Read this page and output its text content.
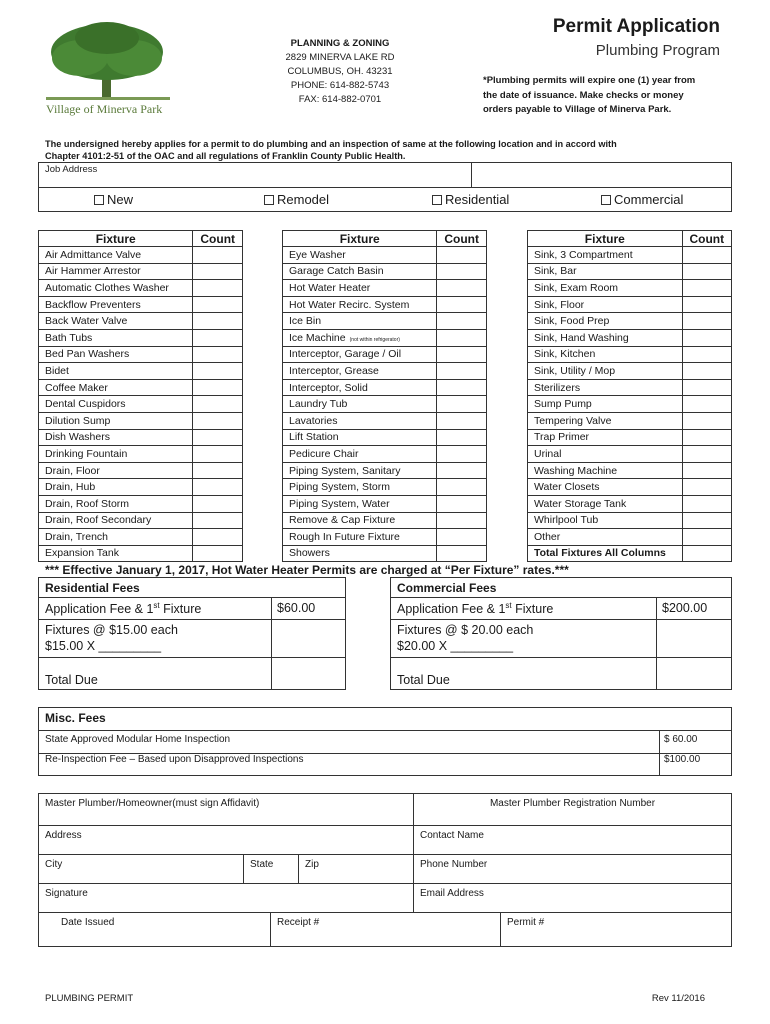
Village of Minerva Park
PLANNING & ZONING
2829 MINERVA LAKE RD
COLUMBUS, OH. 43231
PHONE: 614-882-5743
FAX: 614-882-0701
Permit Application
Plumbing Program
*Plumbing permits will expire one (1) year from
the date of issuance. Make checks or money
orders payable to Village of Minerva Park.
The undersigned hereby applies for a permit to do plumbing and an inspection of same at the following location and in accord with
Chapter 4101:2-51 of the OAC and all regulations of Franklin County Public Health.
Job Address
New	Remodel	Residential	Commercial
Fixture	Count
Air Admittance Valve	
Air Hammer Arrestor	
Automatic Clothes Washer	
Backflow Preventers	
Back Water Valve	
Bath Tubs	
Bed Pan Washers	
Bidet	
Coffee Maker	
Dental Cuspidors	
Dilution Sump	
Dish Washers	
Drinking Fountain	
Drain, Floor	
Drain, Hub	
Drain, Roof Storm	
Drain, Roof Secondary	
Drain, Trench	
Expansion Tank	
Fixture	Count
Eye Washer	
Garage Catch Basin	
Hot Water Heater	
Hot Water Recirc. System	
Ice Bin	
Ice Machine (not within refrigerator)	
Interceptor, Garage / Oil	
Interceptor, Grease	
Interceptor, Solid	
Laundry Tub	
Lavatories	
Lift Station	
Pedicure Chair	
Piping System, Sanitary	
Piping System, Storm	
Piping System, Water	
Remove & Cap Fixture	
Rough In Future Fixture	
Showers	
Fixture	Count
Sink, 3 Compartment	
Sink, Bar	
Sink, Exam Room	
Sink, Floor	
Sink, Food Prep	
Sink, Hand Washing	
Sink, Kitchen	
Sink, Utility / Mop	
Sterilizers	
Sump Pump	
Tempering Valve	
Trap Primer	
Urinal	
Washing Machine	
Water Closets	
Water Storage Tank	
Whirlpool Tub	
Other	
Total Fixtures All Columns	
*** Effective January 1, 2017, Hot Water Heater Permits are charged at “Per Fixture” rates.***
Residential Fees
Application Fee & 1st Fixture	$60.00
Fixtures @ $15.00 each
$15.00 X _________
Total Due
Commercial Fees
Application Fee & 1st Fixture	$200.00
Fixtures @ $ 20.00 each
$20.00 X _________
Total Due
Misc. Fees
State Approved Modular Home Inspection	$ 60.00
Re-Inspection Fee – Based upon Disapproved Inspections	$100.00
Master Plumber/Homeowner(must sign Affidavit)	Master Plumber Registration Number
Address	Contact Name
City	State	Zip	Phone Number
Signature	Email Address
Date Issued	Receipt #	Permit #
PLUMBING PERMIT	Rev 11/2016
